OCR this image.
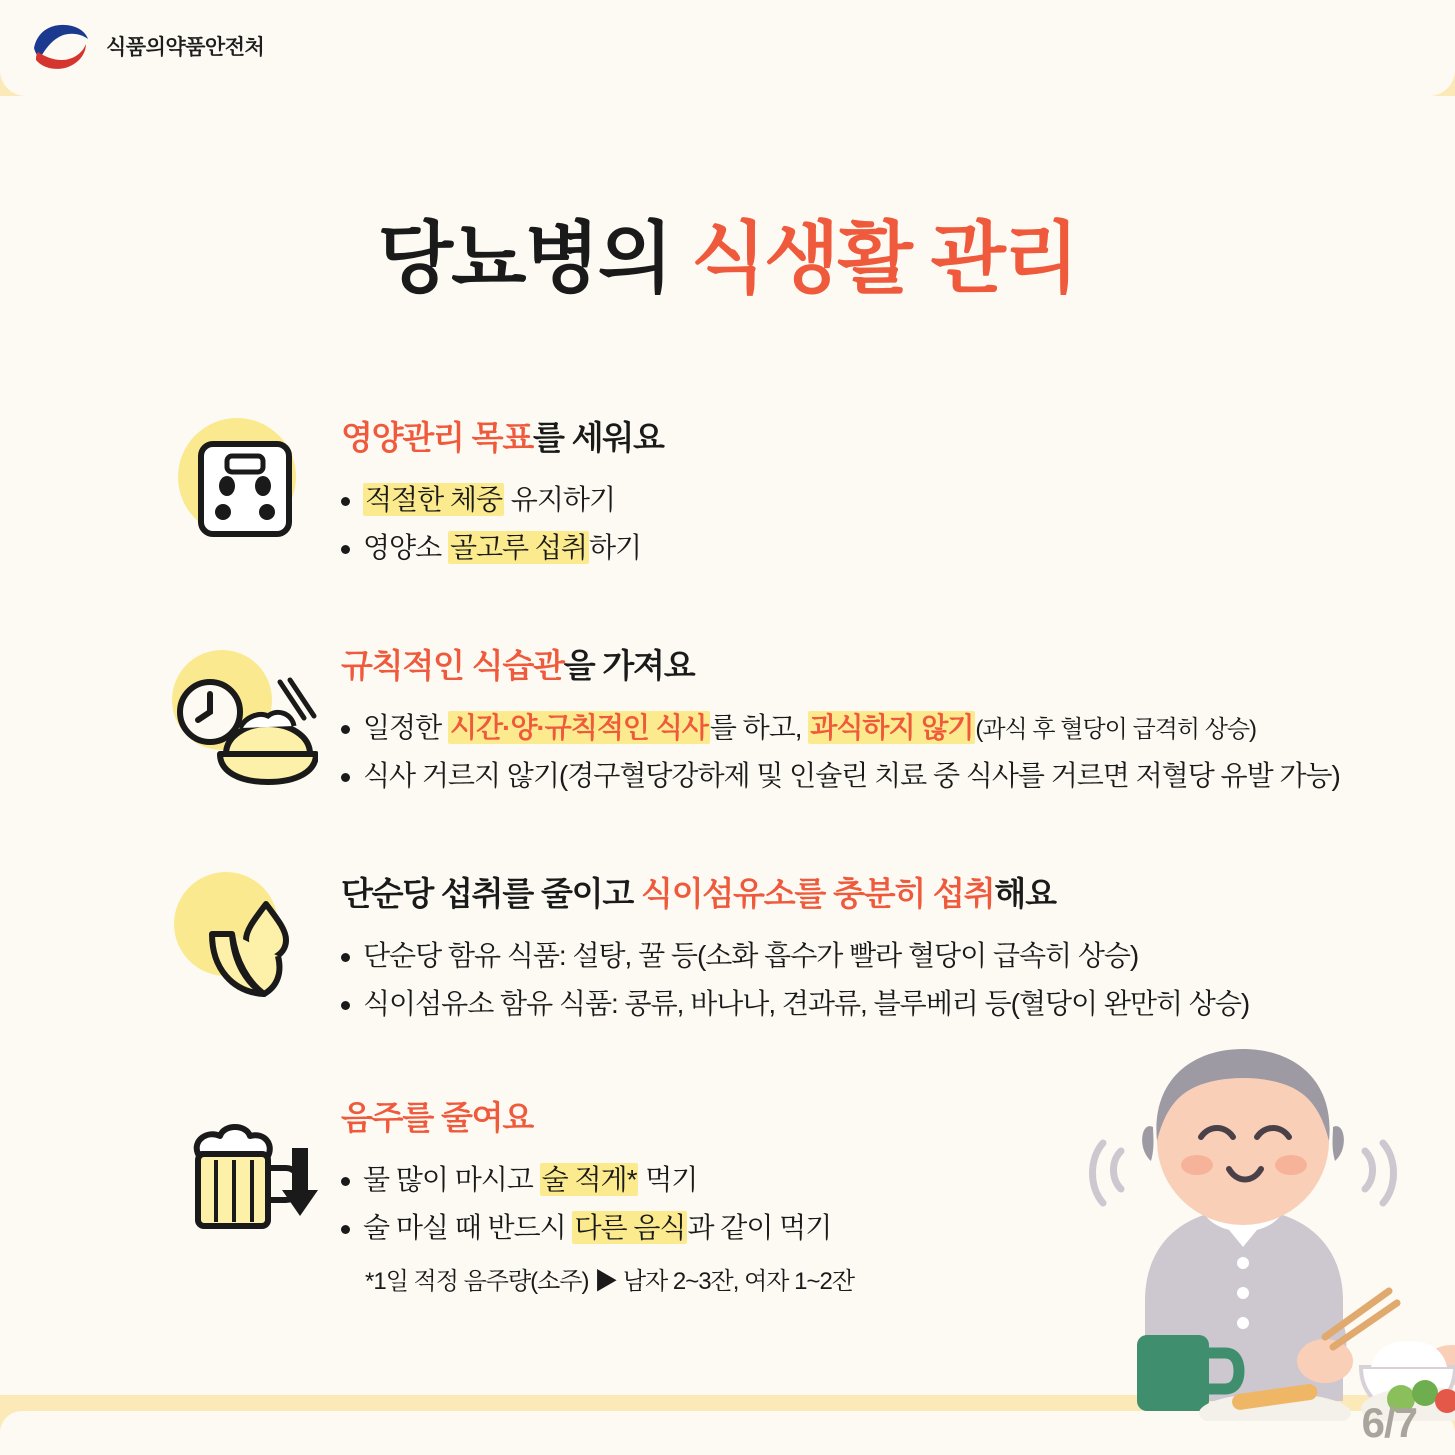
식품의약품안전처
당뇨병의 식생활 관리
영양관리 목표를 세워요
적절한 체중 유지하기
영양소 골고루 섭취하기
규칙적인 식습관을 가져요
일정한 시간·양·규칙적인 식사를 하고, 과식하지 않기(과식 후 혈당이 급격히 상승)
식사 거르지 않기(경구혈당강하제 및 인슐린 치료 중 식사를 거르면 저혈당 유발 가능)
단순당 섭취를 줄이고 식이섬유소를 충분히 섭취해요
단순당 함유 식품: 설탕, 꿀 등(소화 흡수가 빨라 혈당이 급속히 상승)
식이섬유소 함유 식품: 콩류, 바나나, 견과류, 블루베리 등(혈당이 완만히 상승)
음주를 줄여요
물 많이 마시고 술 적게* 먹기
술 마실 때 반드시 다른 음식과 같이 먹기
*1일 적정 음주량(소주) ▶ 남자 2~3잔, 여자 1~2잔
6/7
